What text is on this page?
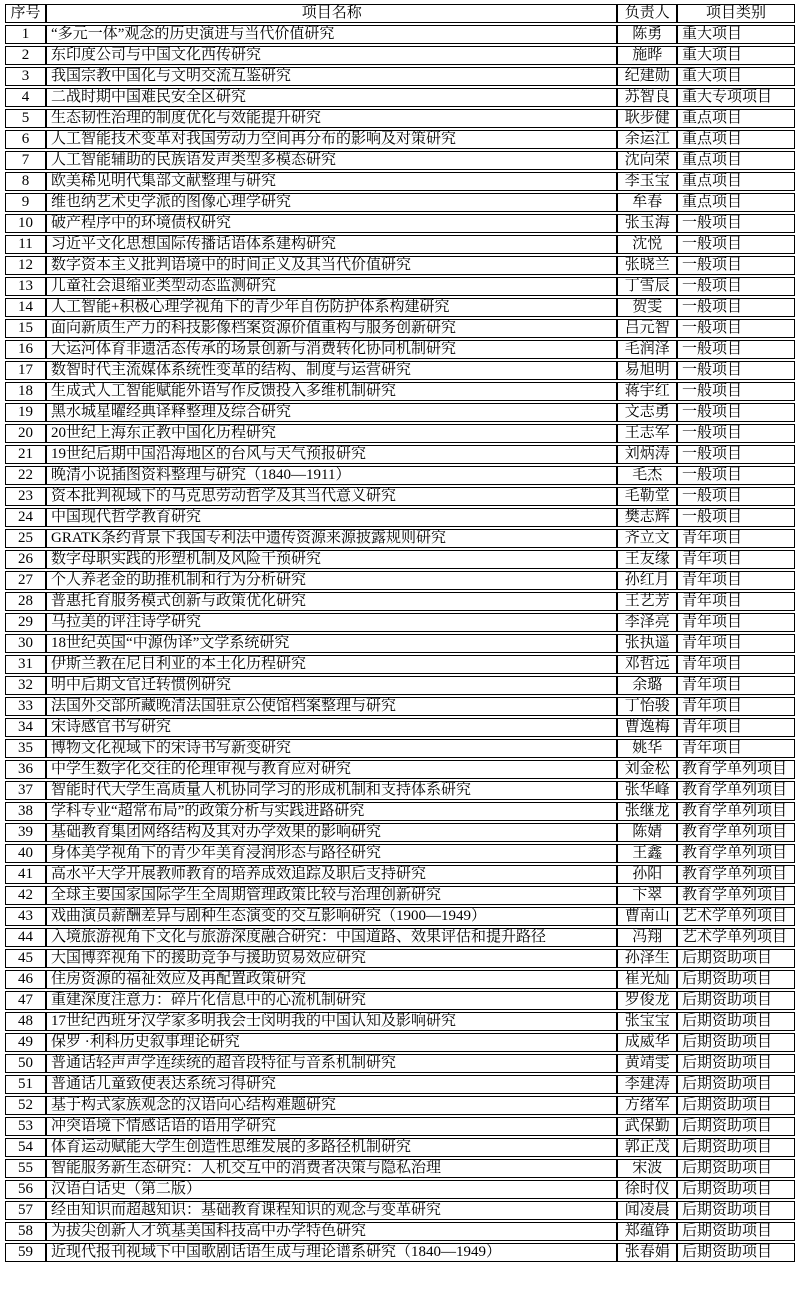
序号	项目名称	负责人	项目类别
1	“多元一体”观念的历史演进与当代价值研究	陈勇	重大项目
2	东印度公司与中国文化西传研究	施晔	重大项目
3	我国宗教中国化与文明交流互鉴研究	纪建勋	重大项目
4	二战时期中国难民安全区研究	苏智良	重大专项项目
5	生态韧性治理的制度优化与效能提升研究	耿步健	重点项目
6	人工智能技术变革对我国劳动力空间再分布的影响及对策研究	余运江	重点项目
7	人工智能辅助的民族语发声类型多模态研究	沈向荣	重点项目
8	欧美稀见明代集部文献整理与研究	李玉宝	重点项目
9	维也纳艺术史学派的图像心理学研究	牟春	重点项目
10	破产程序中的环境债权研究	张玉海	一般项目
11	习近平文化思想国际传播话语体系建构研究	沈悦	一般项目
12	数字资本主义批判语境中的时间正义及其当代价值研究	张晓兰	一般项目
13	儿童社会退缩亚类型动态监测研究	丁雪辰	一般项目
14	人工智能+积极心理学视角下的青少年自伤防护体系构建研究	贺雯	一般项目
15	面向新质生产力的科技影像档案资源价值重构与服务创新研究	吕元智	一般项目
16	大运河体育非遗活态传承的场景创新与消费转化协同机制研究	毛润泽	一般项目
17	数智时代主流媒体系统性变革的结构、制度与运营研究	易旭明	一般项目
18	生成式人工智能赋能外语写作反馈投入多维机制研究	蒋宇红	一般项目
19	黑水城星曜经典译释整理及综合研究	文志勇	一般项目
20	20世纪上海东正教中国化历程研究	王志军	一般项目
21	19世纪后期中国沿海地区的台风与天气预报研究	刘炳涛	一般项目
22	晚清小说插图资料整理与研究（1840—1911）	毛杰	一般项目
23	资本批判视域下的马克思劳动哲学及其当代意义研究	毛勒堂	一般项目
24	中国现代哲学教育研究	樊志辉	一般项目
25	GRATK条约背景下我国专利法中遗传资源来源披露规则研究	齐立文	青年项目
26	数字母职实践的形塑机制及风险干预研究	王友缘	青年项目
27	个人养老金的助推机制和行为分析研究	孙红月	青年项目
28	普惠托育服务模式创新与政策优化研究	王艺芳	青年项目
29	马拉美的评注诗学研究	李泽亮	青年项目
30	18世纪英国“中源伪译”文学系统研究	张执遥	青年项目
31	伊斯兰教在尼日利亚的本土化历程研究	邓哲远	青年项目
32	明中后期文官迁转惯例研究	余璐	青年项目
33	法国外交部所藏晚清法国驻京公使馆档案整理与研究	丁怡骏	青年项目
34	宋诗感官书写研究	曹逸梅	青年项目
35	博物文化视域下的宋诗书写新变研究	姚华	青年项目
36	中学生数字化交往的伦理审视与教育应对研究	刘金松	教育学单列项目
37	智能时代大学生高质量人机协同学习的形成机制和支持体系研究	张华峰	教育学单列项目
38	学科专业“超常布局”的政策分析与实践进路研究	张继龙	教育学单列项目
39	基础教育集团网络结构及其对办学效果的影响研究	陈婧	教育学单列项目
40	身体美学视角下的青少年美育浸润形态与路径研究	王鑫	教育学单列项目
41	高水平大学开展教师教育的培养成效追踪及职后支持研究	孙阳	教育学单列项目
42	全球主要国家国际学生全周期管理政策比较与治理创新研究	卞翠	教育学单列项目
43	戏曲演员薪酬差异与剧种生态演变的交互影响研究（1900—1949）	曹南山	艺术学单列项目
44	入境旅游视角下文化与旅游深度融合研究：中国道路、效果评估和提升路径	冯翔	艺术学单列项目
45	大国博弈视角下的援助竞争与援助贸易效应研究	孙泽生	后期资助项目
46	住房资源的福祉效应及再配置政策研究	崔光灿	后期资助项目
47	重建深度注意力：碎片化信息中的心流机制研究	罗俊龙	后期资助项目
48	17世纪西班牙汉学家多明我会士闵明我的中国认知及影响研究	张宝宝	后期资助项目
49	保罗 ·利科历史叙事理论研究	成威华	后期资助项目
50	普通话轻声声学连续统的超音段特征与音系机制研究	黄靖雯	后期资助项目
51	普通话儿童致使表达系统习得研究	李建涛	后期资助项目
52	基于构式家族观念的汉语向心结构难题研究	方绪军	后期资助项目
53	冲突语境下情感话语的语用学研究	武保勤	后期资助项目
54	体育运动赋能大学生创造性思维发展的多路径机制研究	郭正茂	后期资助项目
55	智能服务新生态研究：人机交互中的消费者决策与隐私治理	宋波	后期资助项目
56	汉语白话史（第二版）	徐时仪	后期资助项目
57	经由知识而超越知识：基础教育课程知识的观念与变革研究	闻凌晨	后期资助项目
58	为拔尖创新人才筑基美国科技高中办学特色研究	郑蕴铮	后期资助项目
59	近现代报刊视域下中国歌剧话语生成与理论谱系研究（1840—1949）	张春娟	后期资助项目
